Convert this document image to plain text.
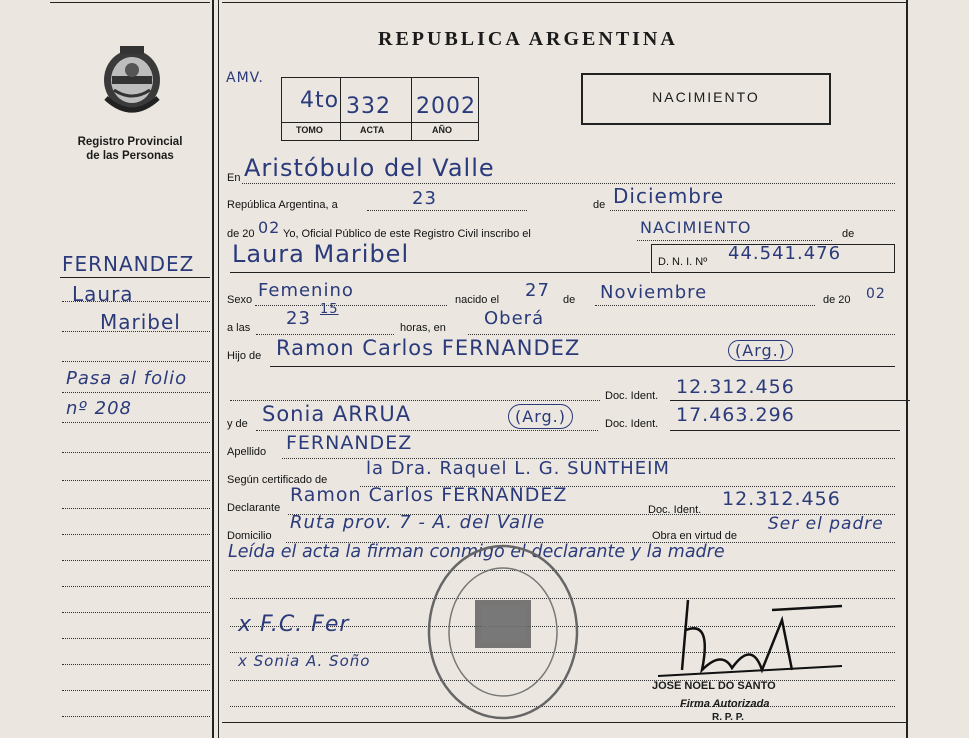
Registro Provincial
de las Personas
REPUBLICA ARGENTINA
AMV.
4to 332 2002
TOMO	ACTA	AÑO
NACIMIENTO
FERNANDEZ
Laura
Maribel
Pasa al folio
nº 208
En Aristóbulo del Valle
República Argentina, a	23	de Diciembre
de 20 02 Yo, Oficial Público de este Registro Civil inscribo el	NACIMIENTO	de
Laura Maribel	D. N. I. Nº 44.541.476
Sexo Femenino	nacido el 27 de Noviembre	de 20 02
a las 23 15
horas, en Oberá
Hijo de Ramon Carlos FERNANDEZ	(Arg.)
Doc. Ident. 12.312.456
y de Sonia ARRUA	(Arg.)	Doc. Ident. 17.463.296
Apellido FERNANDEZ
Según certificado de
la Dra. Raquel L. G. SUNTHEIM
Declarante
Ramon Carlos FERNANDEZ
Doc. Ident. 12.312.456
Domicilio
Ruta prov. 7 - A. del Valle
Obra en virtud de
Ser el padre
Leída el acta la firman conmigo el declarante y la madre
x F.C. Fer
x Sonia A. Soño
JOSE NOEL DO SANTO
Firma Autorizada
R. P. P.
